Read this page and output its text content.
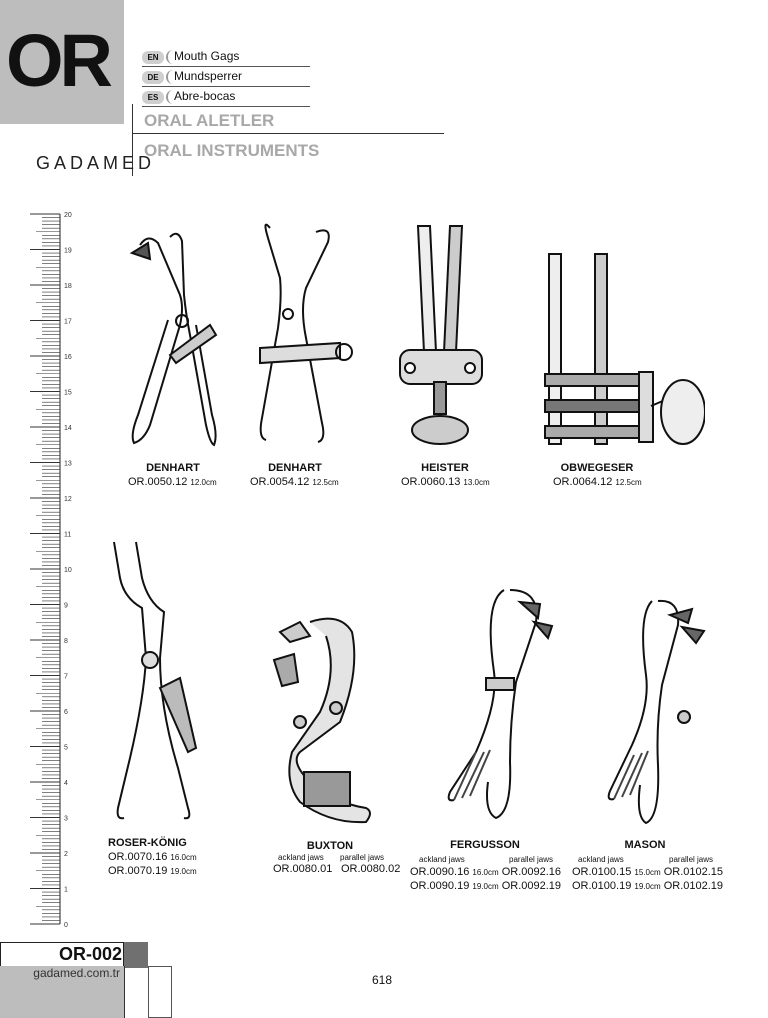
OR	EN	Mouth Gags
DE	Mundsperrer
ES	Abre-bocas
ORAL ALETLER
ORAL INSTRUMENTS
GADAMED
20
19
18
17
16
15
14
13
12
11
10
9
8
7
6
5
4
3
2
1
0
DENHART
OR.0050.12 12.0cm
DENHART
OR.0054.12 12.5cm
HEISTER
OR.0060.13 13.0cm
OBWEGESER
OR.0064.12 12.5cm
ROSER-KÖNIG
OR.0070.16 16.0cm
OR.0070.19 19.0cm
BUXTON
ackland jaws parallel jaws
OR.0080.01 OR.0080.02
FERGUSSON
ackland jaws	parallel jaws
OR.0090.16 16.0cm OR.0092.16
OR.0090.19 19.0cm OR.0092.19
MASON
ackland jaws	parallel jaws
OR.0100.15 15.0cm OR.0102.15
OR.0100.19 19.0cm OR.0102.19
OR-002
gadamed.com.tr	618
